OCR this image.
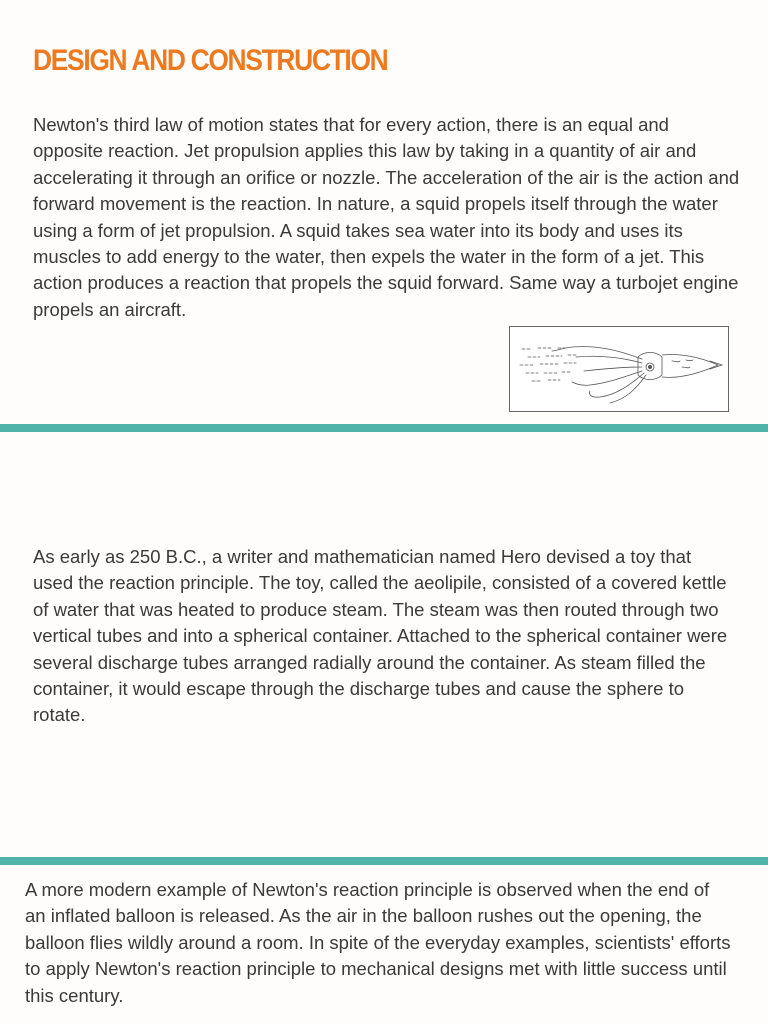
DESIGN AND CONSTRUCTION

Newton's third law of motion states that for every action, there is an equal and opposite reaction. Jet propulsion applies this law by taking in a quantity of air and accelerating it through an orifice or nozzle. The acceleration of the air is the action and forward movement is the reaction. In nature, a squid propels itself through the water using a form of jet propulsion. A squid takes sea water into its body and uses its muscles to add energy to the water, then expels the water in the form of a jet. This action produces a reaction that propels the squid forward. Same way a turbojet engine propels an aircraft.

As early as 250 B.C., a writer and mathematician named Hero devised a toy that used the reaction principle. The toy, called the aeolipile, consisted of a covered kettle of water that was heated to produce steam. The steam was then routed through two vertical tubes and into a spherical container. Attached to the spherical container were several discharge tubes arranged radially around the container. As steam filled the container, it would escape through the discharge tubes and cause the sphere to rotate.

A more modern example of Newton's reaction principle is observed when the end of an inflated balloon is released. As the air in the balloon rushes out the opening, the balloon flies wildly around a room. In spite of the everyday examples, scientists' efforts to apply Newton's reaction principle to mechanical designs met with little success until this century.
